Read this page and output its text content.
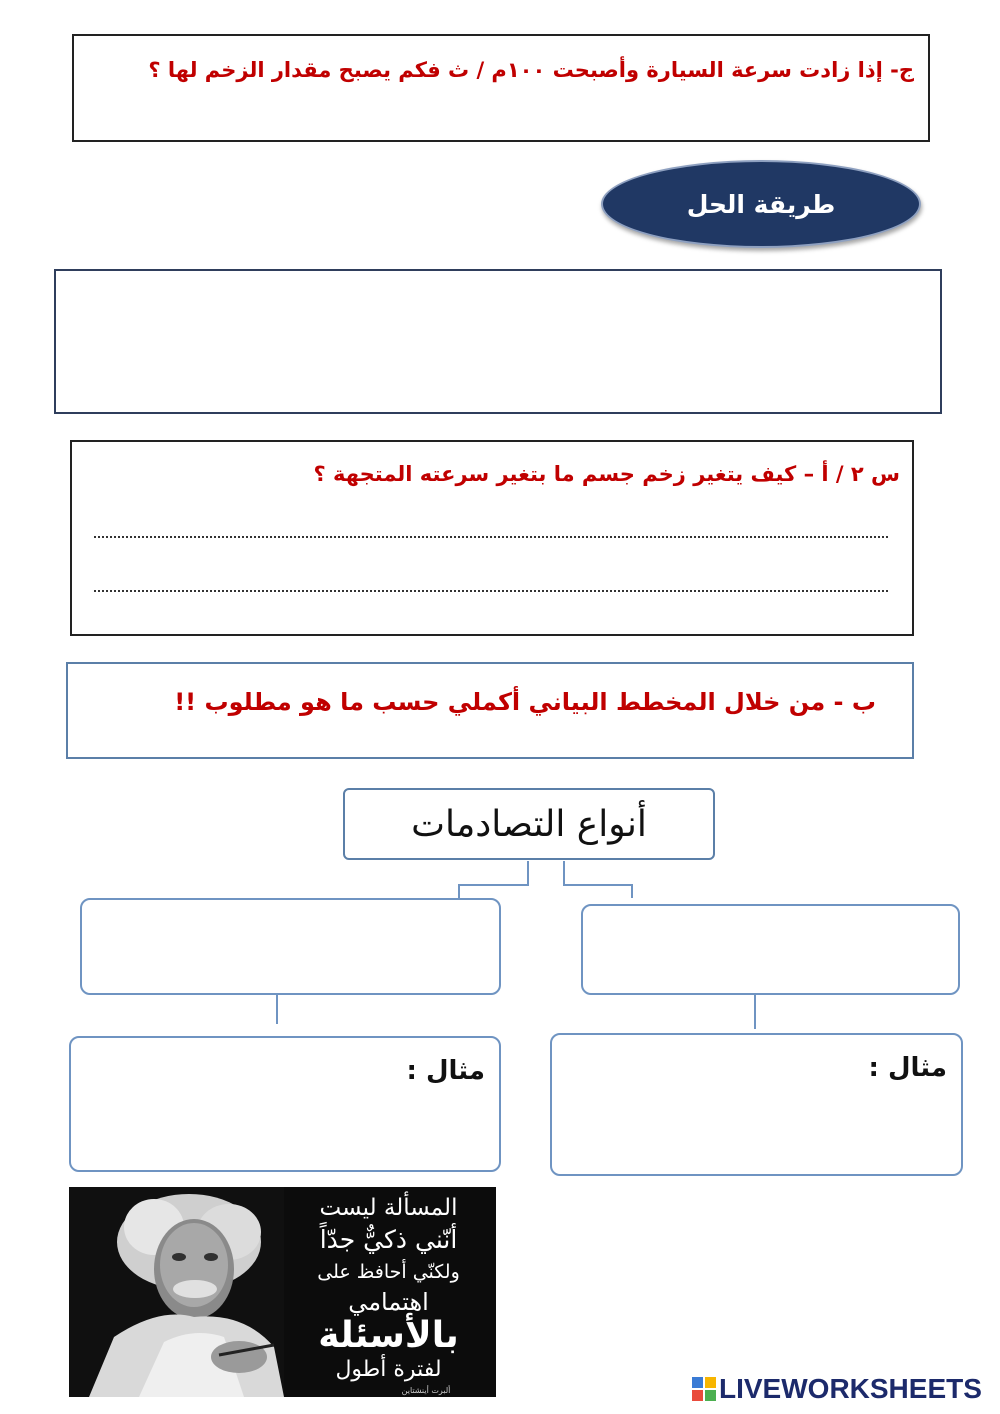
ج- إذا زادت سرعة السيارة وأصبحت ١٠٠م / ث فكم يصبح مقدار الزخم لها ؟
طريقة الحل
س ٢ / أ – كيف يتغير زخم جسم ما بتغير سرعته المتجهة ؟
ب - من خلال المخطط البياني أكملي حسب ما هو مطلوب !!
أنواع التصادمات
مثال :	مثال :
المسألة ليست
أنّني ذكيٌّ جدّاً
ولكنّي أحافظ على
اهتمامي
بالأسئلة
لفترة أطول
ألبرت أينشتاين	LIVEWORKSHEETS
